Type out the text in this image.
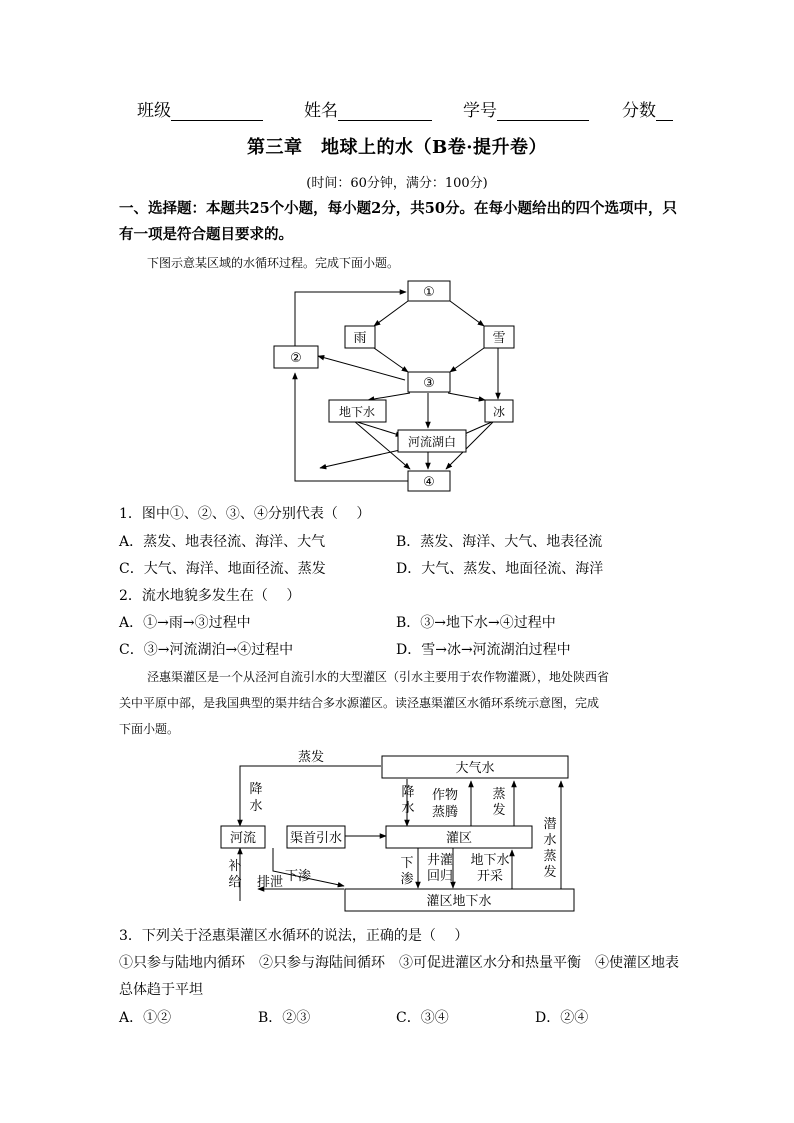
班级	姓名	学号	分数
第三章　地球上的水（B卷·提升卷）
(时间：60分钟，满分：100分)
一、选择题：本题共25个小题，每小题2分，共50分。在每小题给出的四个选项中，只
有一项是符合题目要求的。
下图示意某区域的水循环过程。完成下面小题。
①
雨	雪
②
③
地下水	冰
河流湖白
④
1．图中①、②、③、④分别代表（　 ）
A．蒸发、地表径流、海洋、大气	B．蒸发、海洋、大气、地表径流
C．大气、海洋、地面径流、蒸发	D．大气、蒸发、地面径流、海洋
2．流水地貌多发生在（　 ）
A．①→雨→③过程中	B．③→地下水→④过程中
C．③→河流湖泊→④过程中	D．雪→冰→河流湖泊过程中
泾惠渠灌区是一个从泾河自流引水的大型灌区（引水主要用于农作物灌溉），地处陕西省
关中平原中部，是我国典型的渠井结合多水源灌区。读泾惠渠灌区水循环系统示意图，完成
下面小题。
大气水
河流	渠首引水	灌区
灌区地下水
蒸发
降
水
降
水
作物
蒸腾
蒸
发
潜
水
蒸
发
补
给 排泄 下渗
下
渗
井灌
回归
地下水
开采
3．下列关于泾惠渠灌区水循环的说法，正确的是（　 ）
①只参与陆地内循环　②只参与海陆间循环　③可促进灌区水分和热量平衡　④使灌区地表
总体趋于平坦
A．①②	B．②③	C．③④	D．②④
